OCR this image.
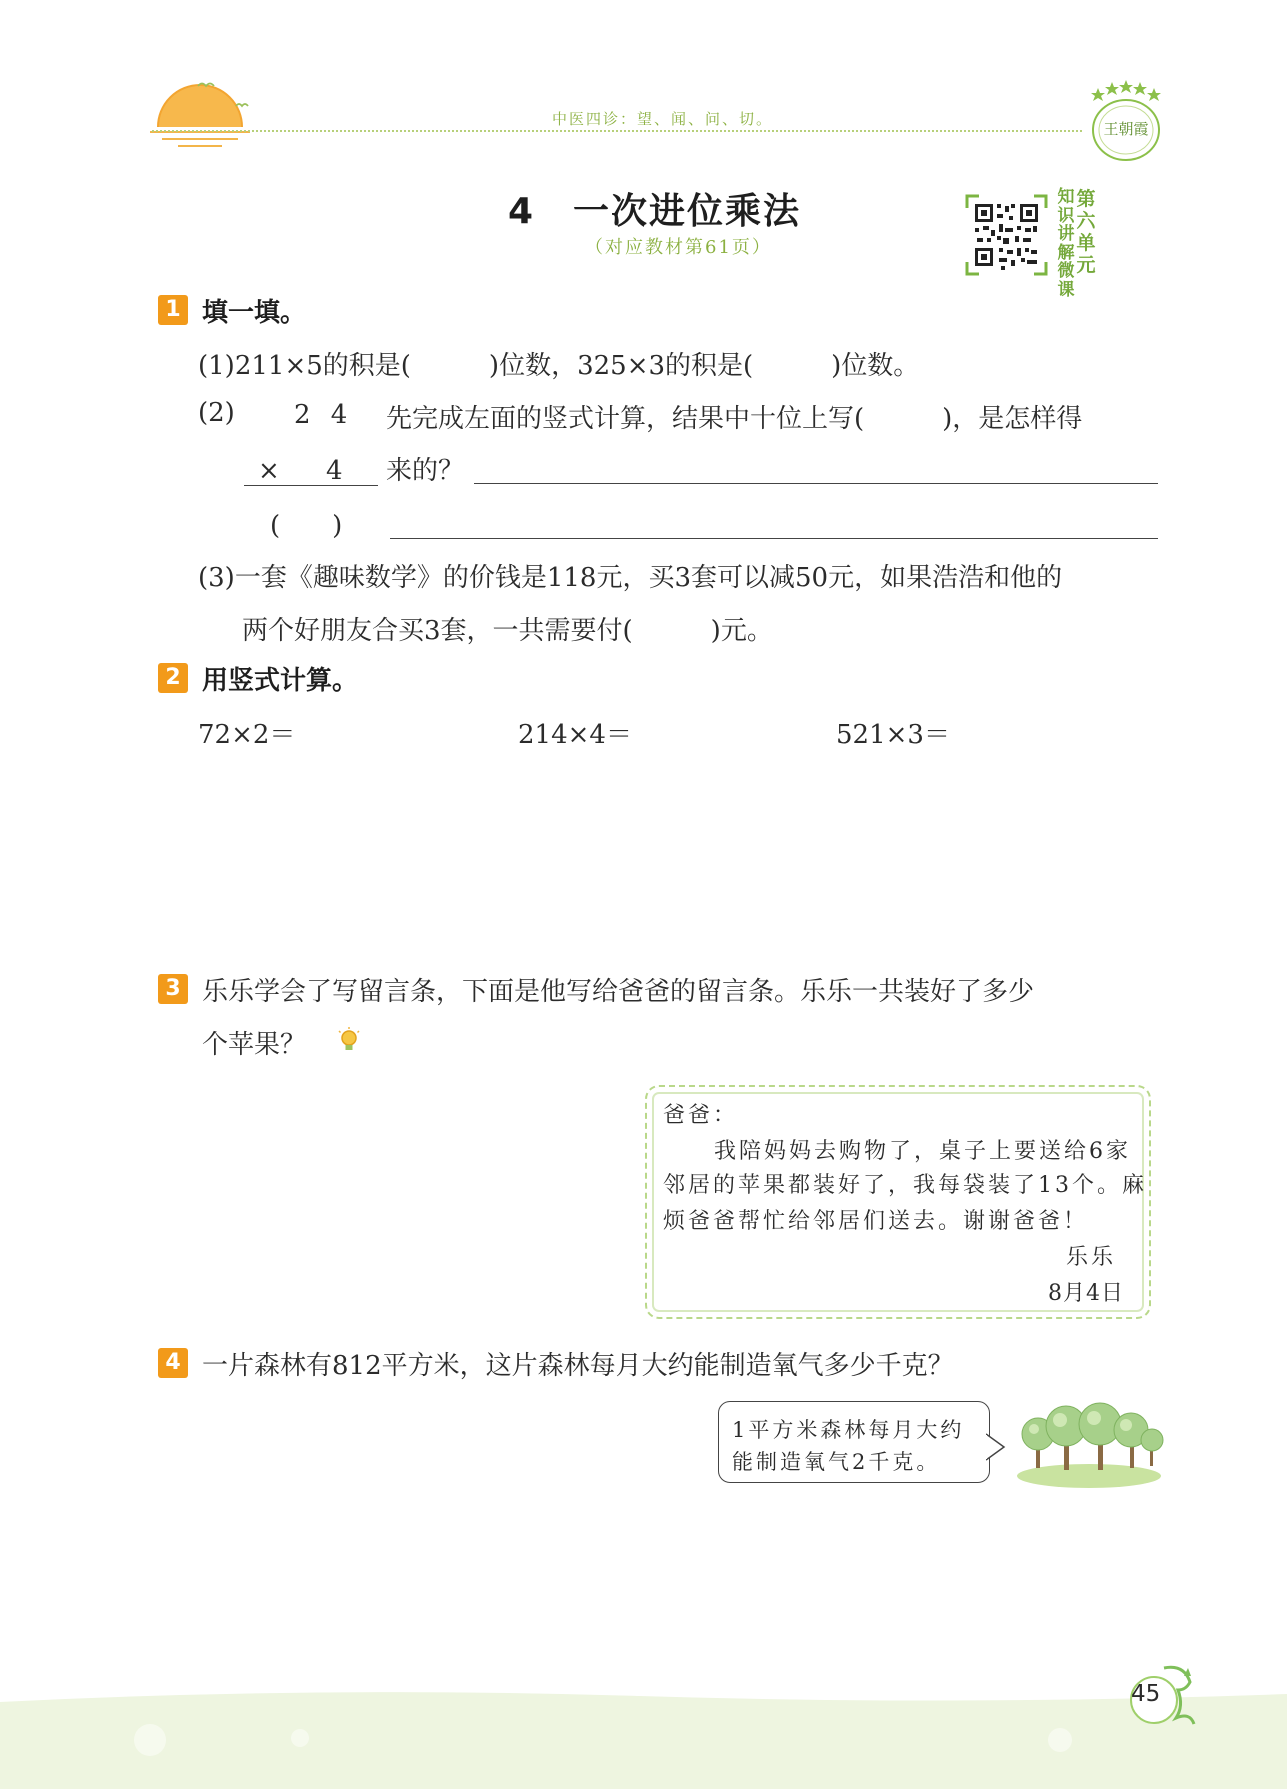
中医四诊：望、闻、问、切。
王朝霞
4　一次进位乘法
（对应教材第61页）
知
识
讲
解
微
课
第
六
单
元
1 填一填。
(1)211×5的积是(　　　)位数，325×3的积是(　　　)位数。
(2) 2 4
× 　4
(　　)
先完成左面的竖式计算，结果中十位上写(　　　)，是怎样得
来的？
(3)一套《趣味数学》的价钱是118元，买3套可以减50元，如果浩浩和他的
两个好朋友合买3套，一共需要付(　　　)元。
2 用竖式计算。
72×2＝	214×4＝	521×3＝
3 乐乐学会了写留言条，下面是他写给爸爸的留言条。乐乐一共装好了多少
个苹果？
爸爸：
我陪妈妈去购物了，桌子上要送给6家
邻居的苹果都装好了，我每袋装了13个。麻
烦爸爸帮忙给邻居们送去。谢谢爸爸！
乐乐
8月4日
4 一片森林有812平方米，这片森林每月大约能制造氧气多少千克？
1平方米森林每月大约
能制造氧气2千克。
45
